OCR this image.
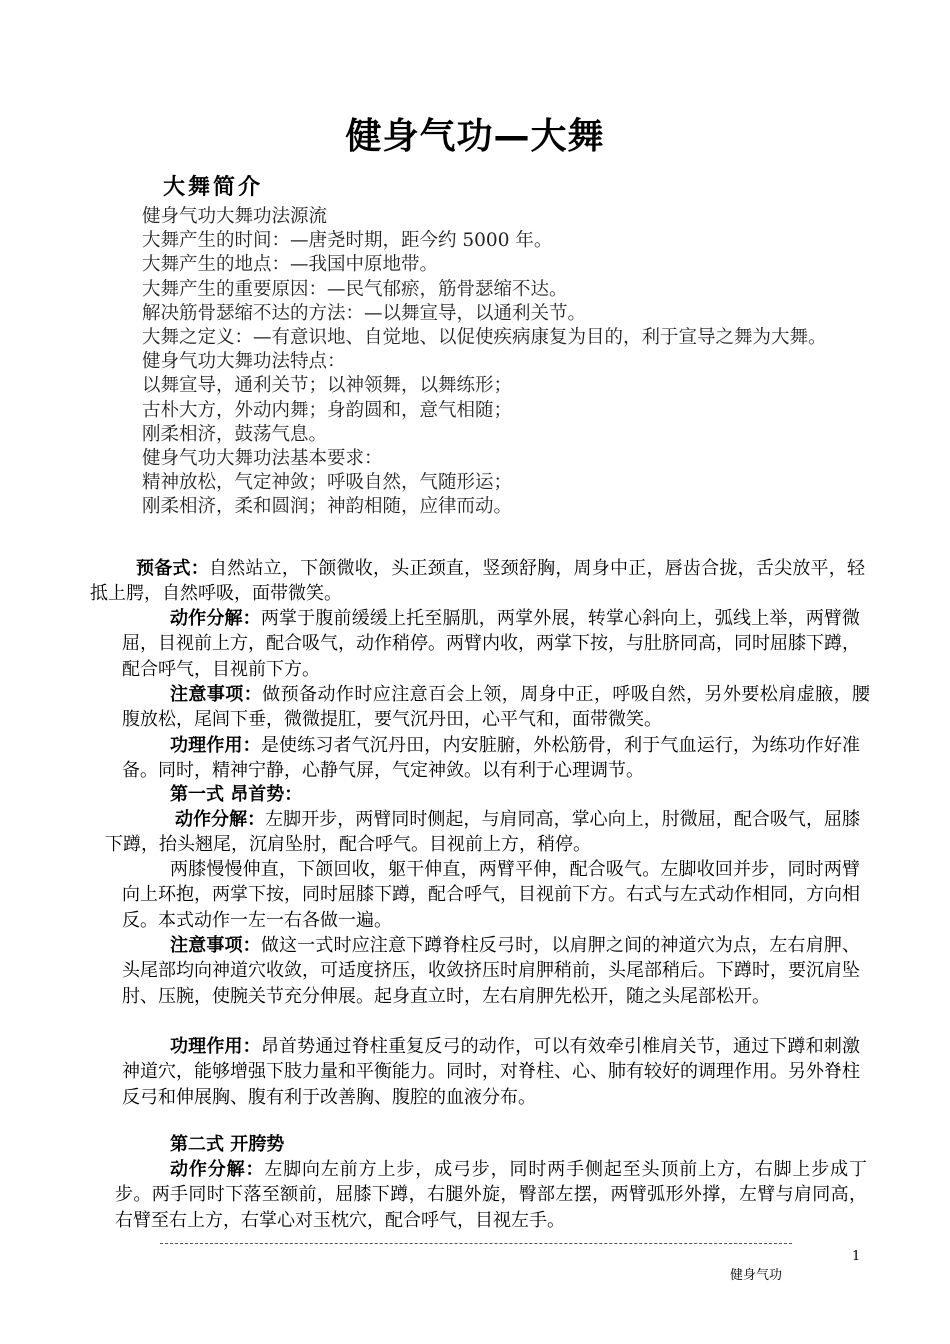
健身气功—大舞
大舞简介

健身气功大舞功法源流

大舞产生的时间：—唐尧时期，距今约 5000 年。

大舞产生的地点：—我国中原地带。

大舞产生的重要原因：—民气郁瘀，筋骨瑟缩不达。

解决筋骨瑟缩不达的方法：—以舞宣导，以通利关节。

大舞之定义：—有意识地、自觉地、以促使疾病康复为目的，利于宣导之舞为大舞。

健身气功大舞功法特点：

以舞宣导，通利关节；以神领舞，以舞练形；

古朴大方，外动内舞；身韵圆和，意气相随；

刚柔相济，鼓荡气息。

健身气功大舞功法基本要求：

精神放松，气定神敛；呼吸自然，气随形运；

刚柔相济，柔和圆润；神韵相随，应律而动。

预备式：自然站立，下颌微收，头正颈直，竖颈舒胸，周身中正，唇齿合拢，舌尖放平，轻抵上腭，自然呼吸，面带微笑。

动作分解：两掌于腹前缓缓上托至膈肌，两掌外展，转掌心斜向上，弧线上举，两臂微屈，目视前上方，配合吸气，动作稍停。两臂内收，两掌下按，与肚脐同高，同时屈膝下蹲，配合呼气，目视前下方。

注意事项：做预备动作时应注意百会上领，周身中正，呼吸自然，另外要松肩虚腋，腰腹放松，尾闾下垂，微微提肛，要气沉丹田，心平气和，面带微笑。

功理作用：是使练习者气沉丹田，内安脏腑，外松筋骨，利于气血运行，为练功作好准备。同时，精神宁静，心静气屏，气定神敛。以有利于心理调节。

第一式 昂首势：

动作分解：左脚开步，两臂同时侧起，与肩同高，掌心向上，肘微屈，配合吸气，屈膝下蹲，抬头翘尾，沉肩坠肘，配合呼气。目视前上方，稍停。

两膝慢慢伸直，下颌回收，躯干伸直，两臂平伸，配合吸气。左脚收回并步，同时两臂向上环抱，两掌下按，同时屈膝下蹲，配合呼气，目视前下方。右式与左式动作相同，方向相反。本式动作一左一右各做一遍。

注意事项：做这一式时应注意下蹲脊柱反弓时，以肩胛之间的神道穴为点，左右肩胛、头尾部均向神道穴收敛，可适度挤压，收敛挤压时肩胛稍前，头尾部稍后。下蹲时，要沉肩坠肘、压腕，使腕关节充分伸展。起身直立时，左右肩胛先松开，随之头尾部松开。

功理作用：昂首势通过脊柱重复反弓的动作，可以有效牵引椎肩关节，通过下蹲和刺激神道穴，能够增强下肢力量和平衡能力。同时，对脊柱、心、肺有较好的调理作用。另外脊柱反弓和伸展胸、腹有利于改善胸、腹腔的血液分布。

第二式 开胯势

动作分解：左脚向左前方上步，成弓步，同时两手侧起至头顶前上方，右脚上步成丁步。两手同时下落至额前，屈膝下蹲，右腿外旋，臀部左摆，两臂弧形外撑，左臂与肩同高，右臂至右上方，右掌心对玉枕穴，配合呼气，目视左手。

1
健身气功
